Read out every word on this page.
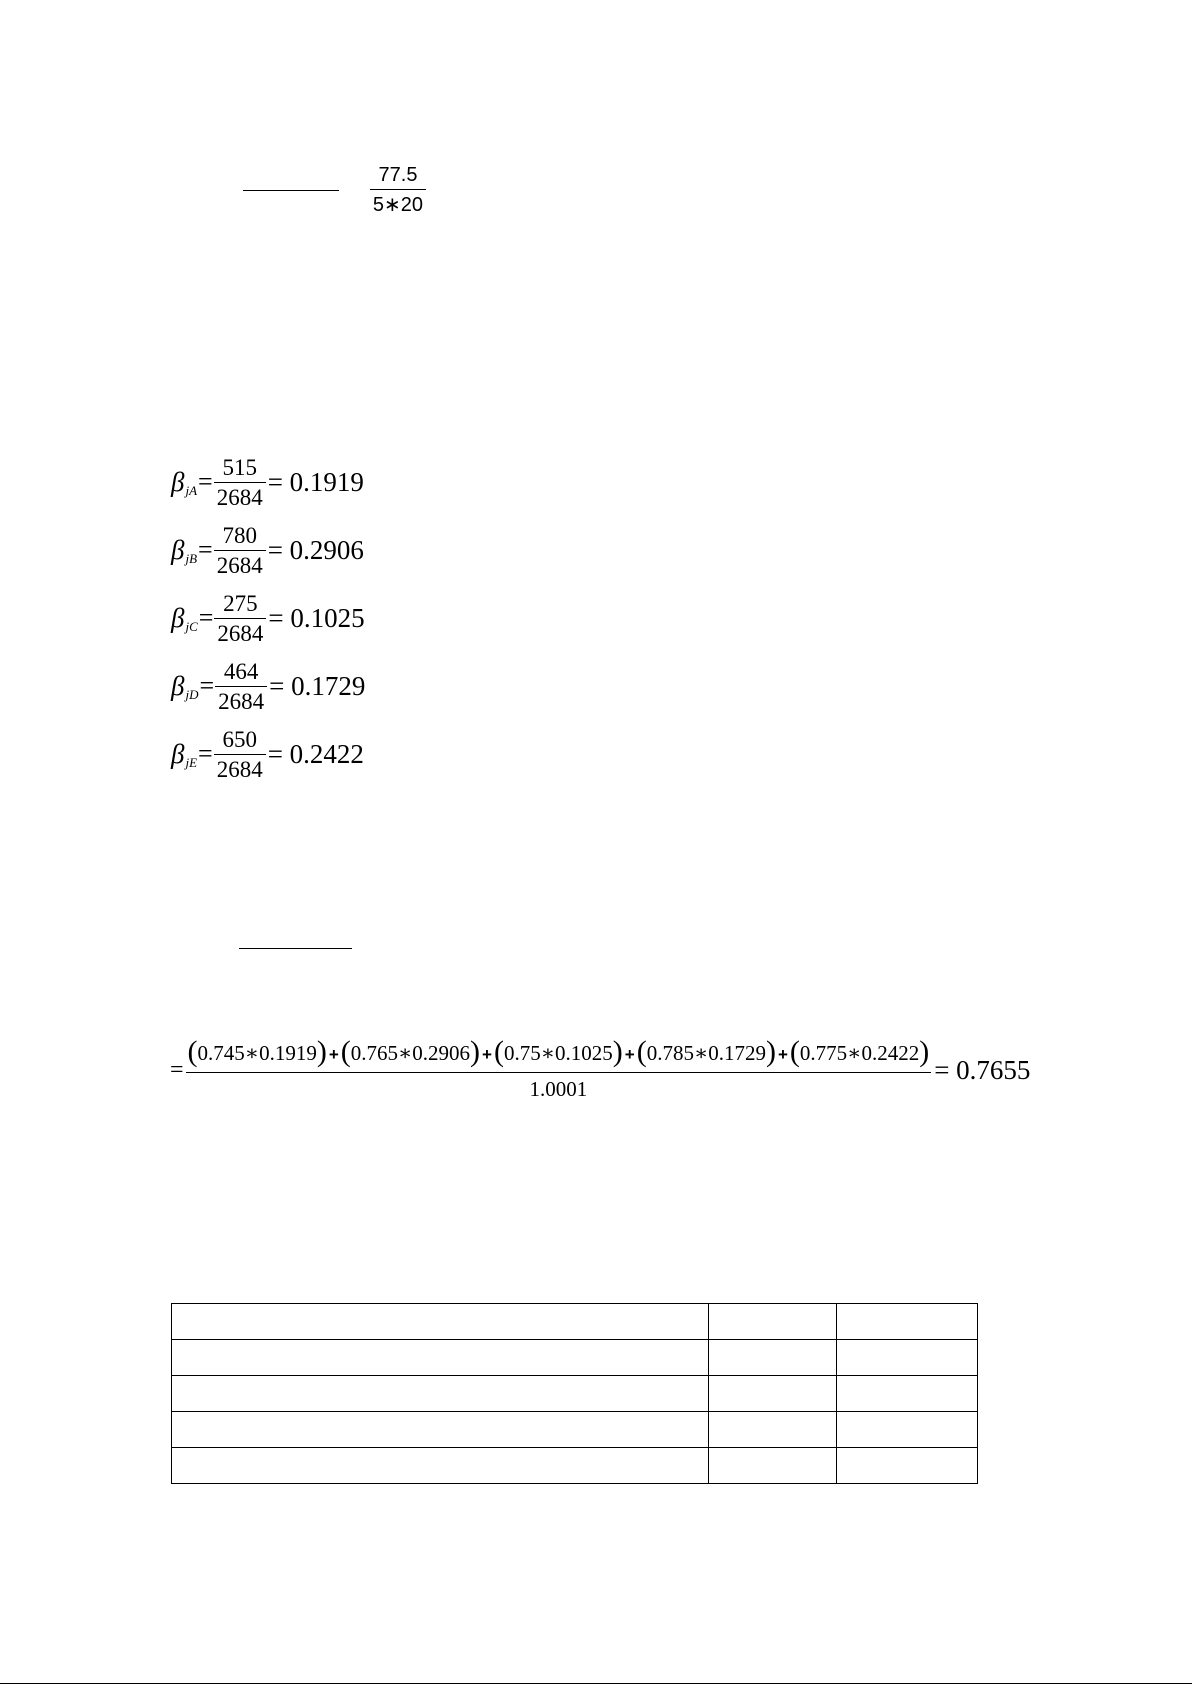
77.5
5∗20
β jA = $\frac{515}{2684} = 0.1919$
β jB = $\frac{780}{2684} = 0.2906$
β jC = $\frac{275}{2684} = 0.1025$
β jD = $\frac{464}{2684} = 0.1729$
β jE = $\frac{650}{2684} = 0.2422$
=
(0.745∗0.1919) +(0.765∗0.2906) +(0.75∗0.1025) +(0.785∗0.1729) +(0.775∗0.2422)
1.0001
= 0.7655
